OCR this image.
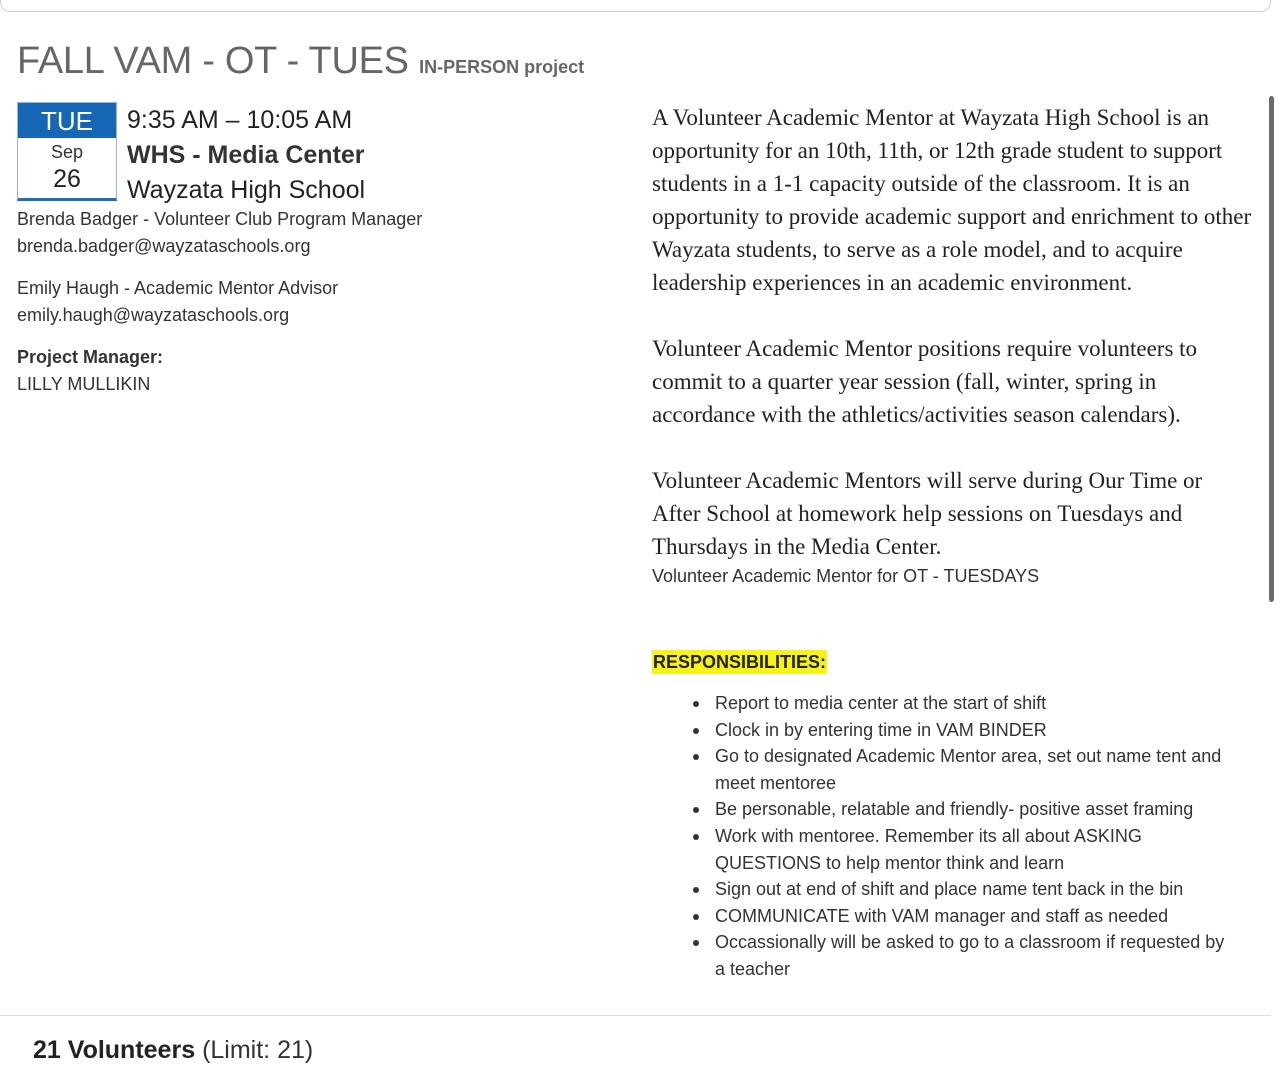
FALL VAM - OT - TUES IN-PERSON project
TUE
Sep
26
9:35 AM – 10:05 AM
WHS - Media Center
Wayzata High School
Brenda Badger - Volunteer Club Program Manager
brenda.badger@wayzataschools.org
Emily Haugh - Academic Mentor Advisor
emily.haugh@wayzataschools.org
Project Manager:
LILLY MULLIKIN

A Volunteer Academic Mentor at Wayzata High School is an opportunity for an 10th, 11th, or 12th grade student to support students in a 1-1 capacity outside of the classroom. It is an opportunity to provide academic support and enrichment to other Wayzata students, to serve as a role model, and to acquire leadership experiences in an academic environment.

Volunteer Academic Mentor positions require volunteers to commit to a quarter year session (fall, winter, spring in accordance with the athletics/activities season calendars).

Volunteer Academic Mentors will serve during Our Time or After School at homework help sessions on Tuesdays and Thursdays in the Media Center.

Volunteer Academic Mentor for OT - TUESDAYS
RESPONSIBILITIES:
Report to media center at the start of shift
Clock in by entering time in VAM BINDER
Go to designated Academic Mentor area, set out name tent and meet mentoree
Be personable, relatable and friendly- positive asset framing
Work with mentoree. Remember its all about ASKING QUESTIONS to help mentor think and learn
Sign out at end of shift and place name tent back in the bin
COMMUNICATE with VAM manager and staff as needed
Occassionally will be asked to go to a classroom if requested by a teacher
21 Volunteers (Limit: 21)
